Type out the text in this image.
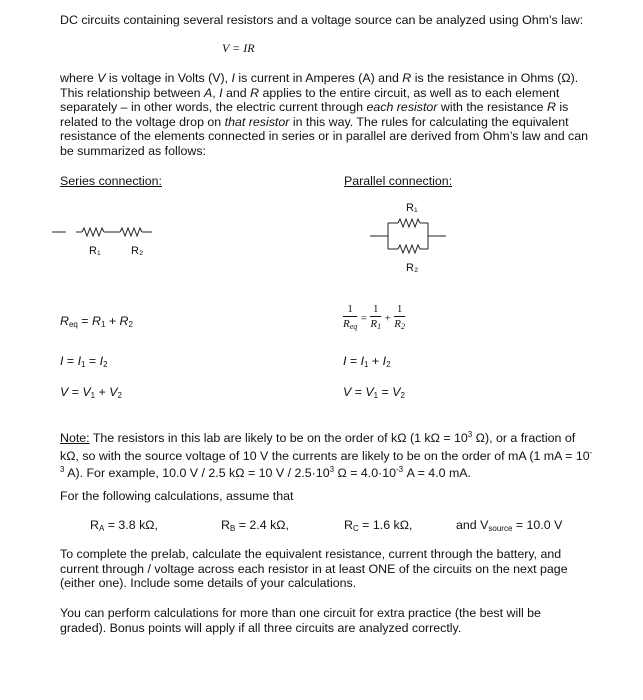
DC circuits containing several resistors and a voltage source can be analyzed using Ohm’s law:
V = IR
where V is voltage in Volts (V), I is current in Amperes (A) and R is the resistance in Ohms (Ω). This relationship between A, I and R applies to the entire circuit, as well as to each element separately – in other words, the electric current through each resistor with the resistance R is related to the voltage drop on that resistor in this way. The rules for calculating the equivalent resistance of the elements connected in series or in parallel are derived from Ohm’s law and can be summarized as follows:
Series connection:	Parallel connection:
R₁	R₂
R₁
R₂
$R_{eq} = R_1 + R_2$
$I = I_1 = I_2$
$V = V_1 + V_2$
$\frac{1}{R_{eq}} = \frac{1}{R_1} + \frac{1}{R_2}$
$I = I_1 + I_2$
$V = V_1 = V_2$
Note: The resistors in this lab are likely to be on the order of kΩ (1 $k\Omega = 10^3$ Ω), or a fraction of kΩ, so with the source voltage of 10 V the currents are likely to be on the order of mA (1 mA = $10^{-3}$ A). For example, 10.0 V / 2.5 kΩ = 10 $V / 2.5\cdot 10^3$ $\Omega = 4.0\cdot 10^{-3}$ A = 4.0 mA.
For the following calculations, assume that
$R_A = 3.8$ kΩ,	$R_B = 2.4$ kΩ,	$R_C = 1.6$ kΩ,	and $V_{source} = 10.0$ V
To complete the prelab, calculate the equivalent resistance, current through the battery, and current through / voltage across each resistor in at least ONE of the circuits on the next page (either one). Include some details of your calculations.
You can perform calculations for more than one circuit for extra practice (the best will be graded). Bonus points will apply if all three circuits are analyzed correctly.
